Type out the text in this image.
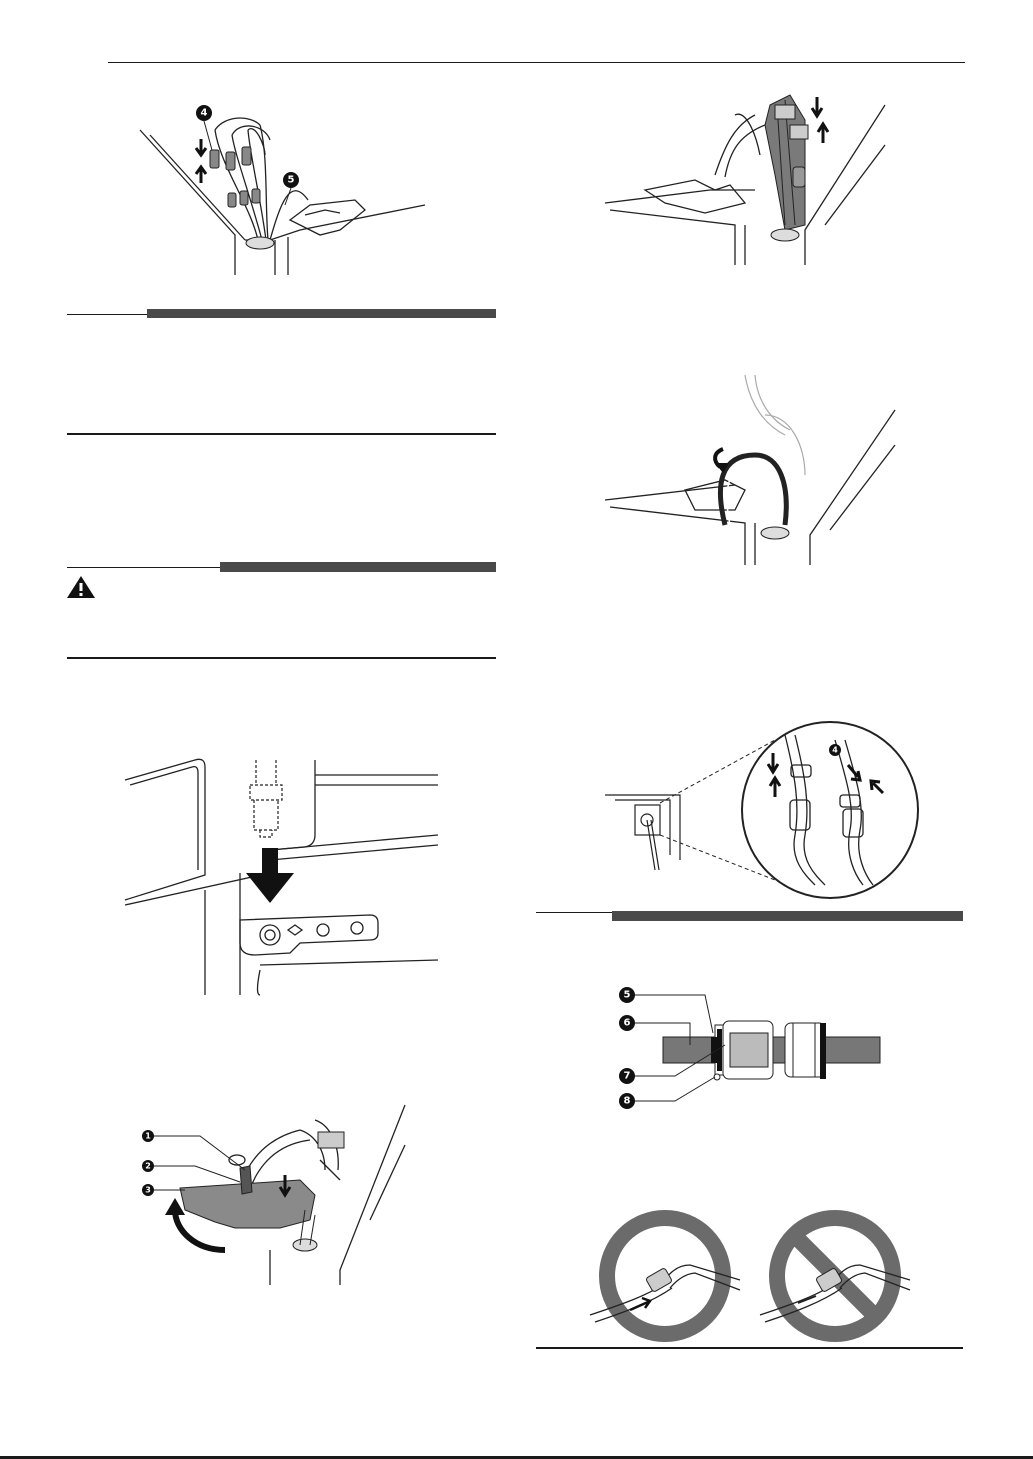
4
5
1
2
3
4
5
6
7
8
